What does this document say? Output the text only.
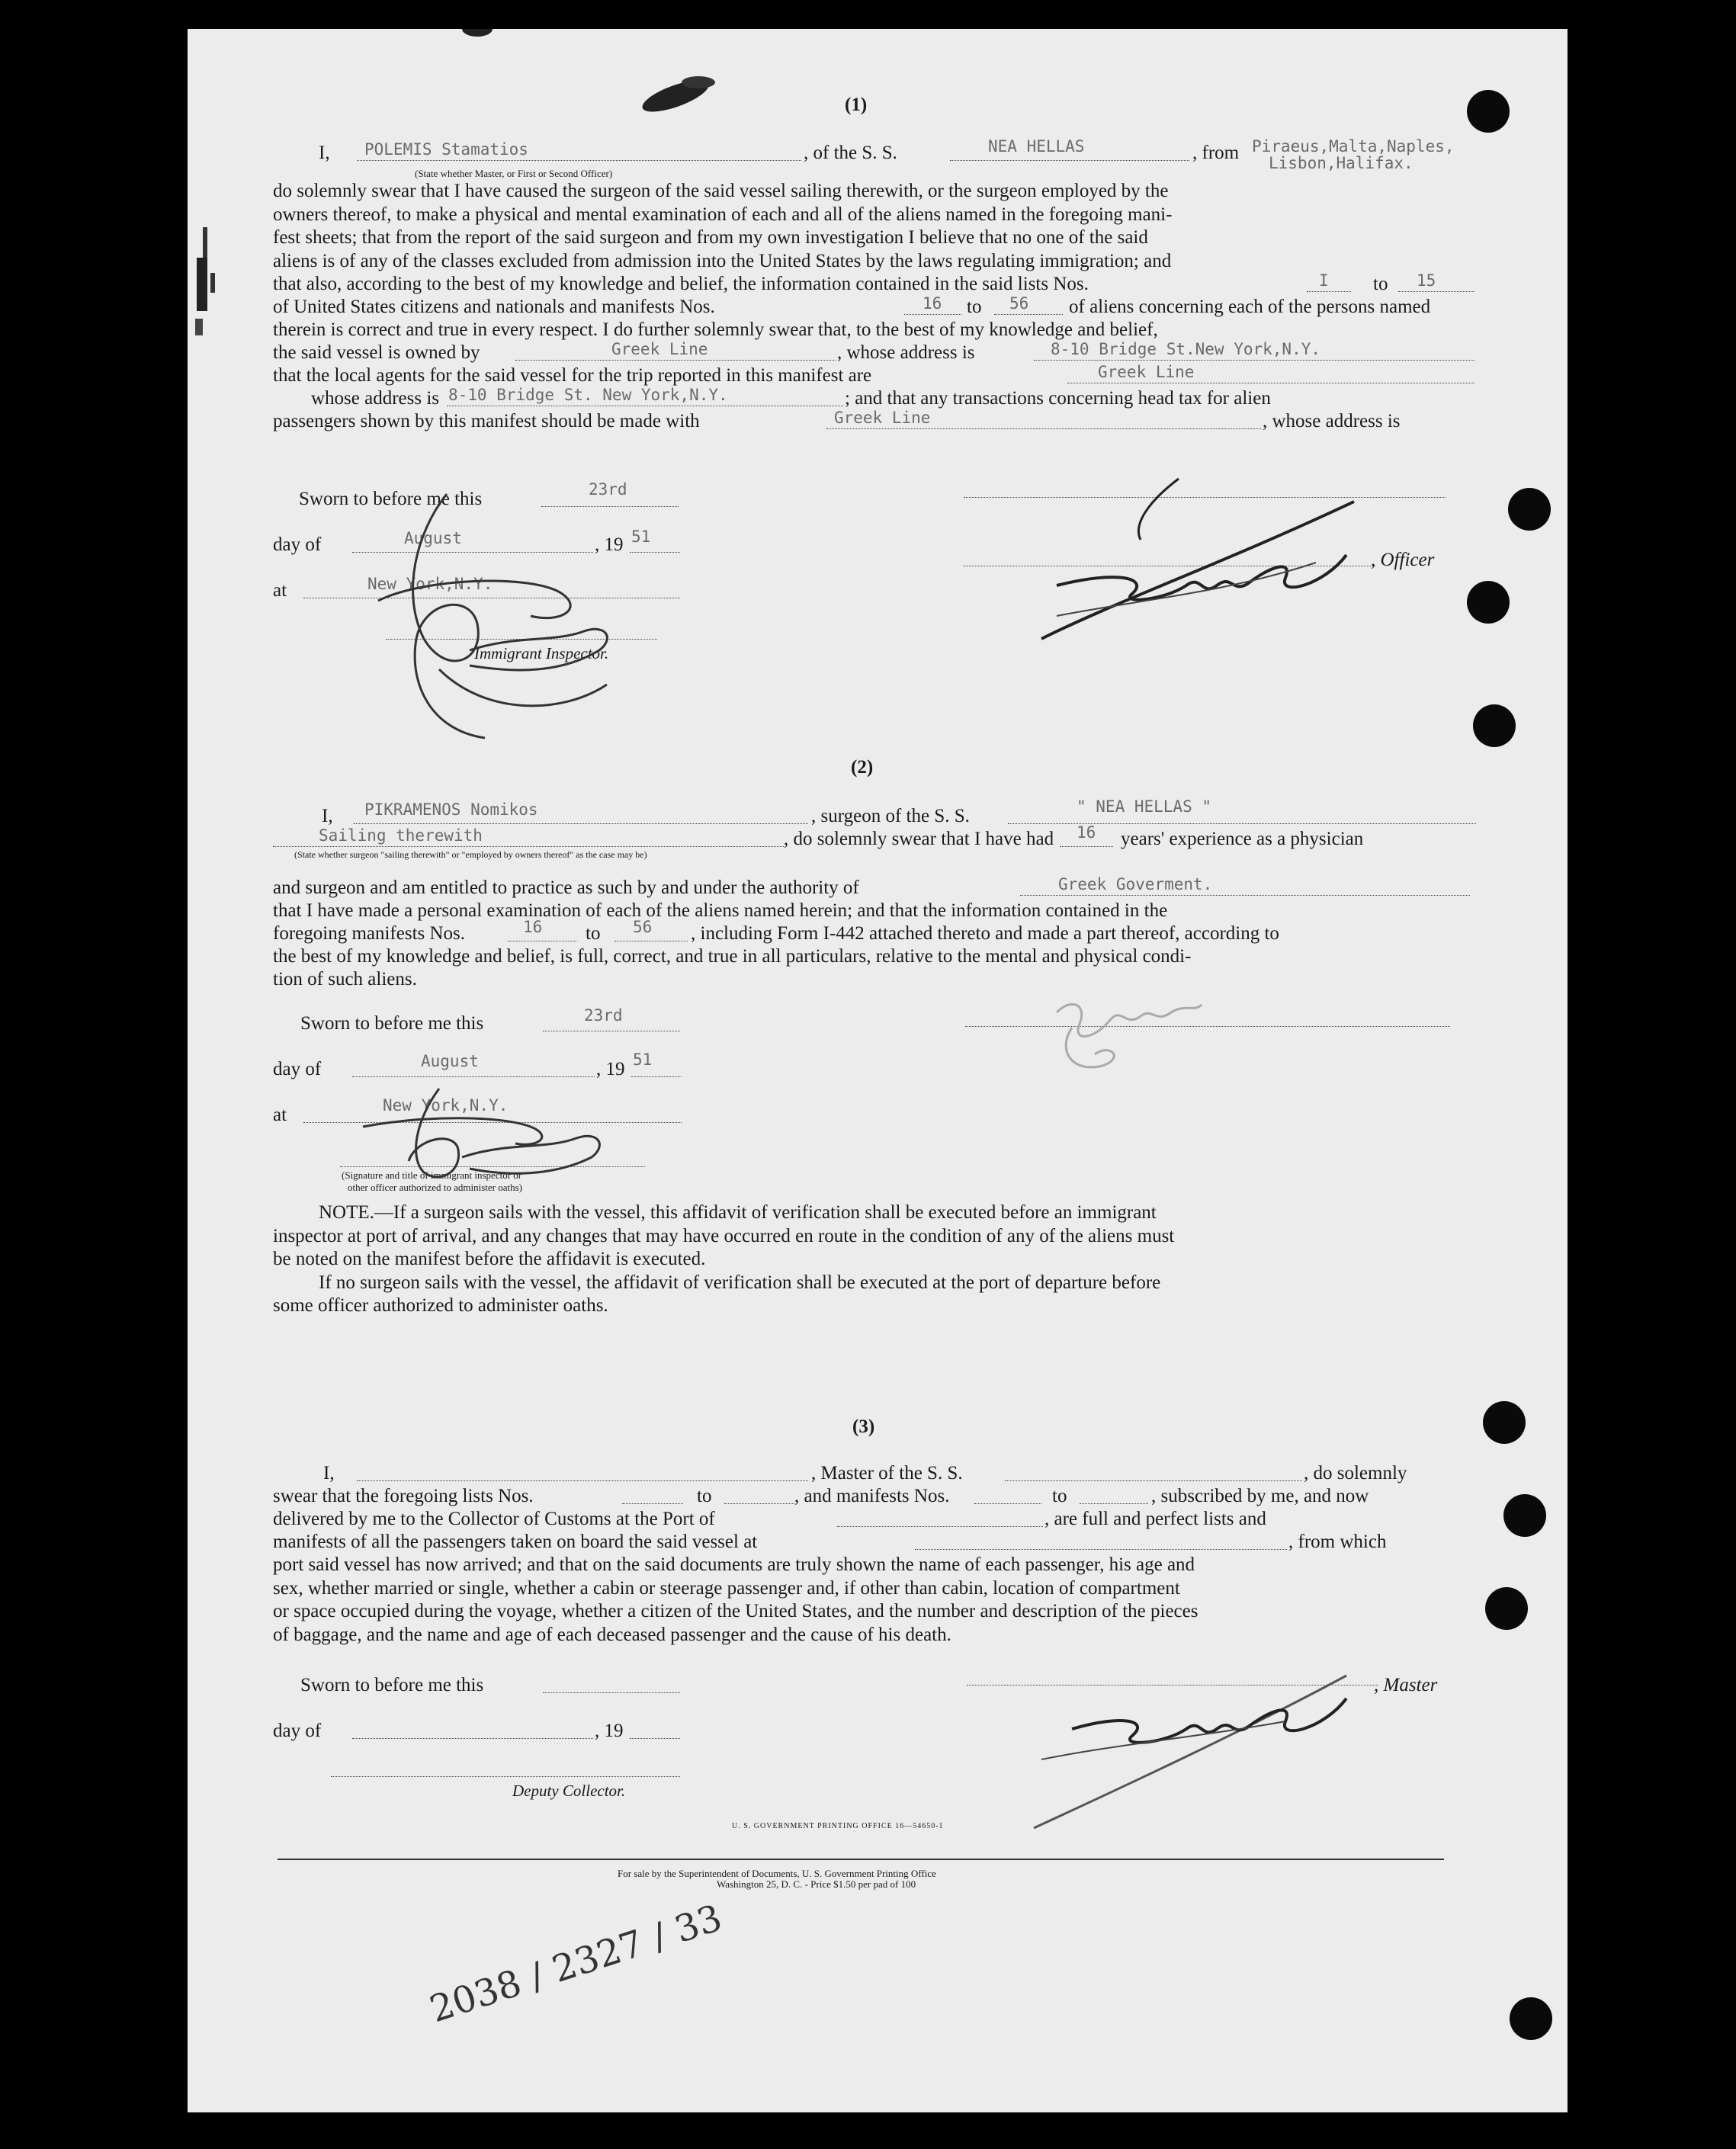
(1)
I, POLEMIS Stamatios
(State whether Master, or First or Second Officer)
, of the S. S.	NEA HELLAS	, from Piraeus,Malta,Naples,
Lisbon,Halifax.
do solemnly swear that I have caused the surgeon of the said vessel sailing therewith, or the surgeon employed by the
owners thereof, to make a physical and mental examination of each and all of the aliens named in the foregoing mani-
fest sheets; that from the report of the said surgeon and from my own investigation I believe that no one of the said
aliens is of any of the classes excluded from admission into the United States by the laws regulating immigration; and
that also, according to the best of my knowledge and belief, the information contained in the said lists Nos.	I to 15
of United States citizens and nationals and manifests Nos.	16 to 56 of aliens concerning each of the persons named
therein is correct and true in every respect. I do further solemnly swear that, to the best of my knowledge and belief,
the said vessel is owned by	Greek Line	, whose address is	8-10 Bridge St.New York,N.Y.
that the local agents for the said vessel for the trip reported in this manifest are	Greek Line
whose address is 8-10 Bridge St. New York,N.Y.	; and that any transactions concerning head tax for alien
passengers shown by this manifest should be made with	Greek Line	, whose address is
Sworn to before me this	23rd
day of	August	, 19 51
at	New York,N.Y.
Immigrant Inspector.
, Officer
(2)
I, PIKRAMENOS Nomikos	, surgeon of the S. S.	" NEA HELLAS "
Sailing therewith
(State whether surgeon "sailing therewith" or "employed by owners thereof" as the case may be)
, do solemnly swear that I have had 16 years' experience as a physician
and surgeon and am entitled to practice as such by and under the authority of	Greek Goverment.
that I have made a personal examination of each of the aliens named herein; and that the information contained in the
foregoing manifests Nos.	16 to 56 , including Form I-442 attached thereto and made a part thereof, according to
the best of my knowledge and belief, is full, correct, and true in all particulars, relative to the mental and physical condi-
tion of such aliens.
Sworn to before me this	23rd
day of	August	, 19 51
at	New York,N.Y.
(Signature and title of immigrant inspector or
other officer authorized to administer oaths)
NOTE.—If a surgeon sails with the vessel, this affidavit of verification shall be executed before an immigrant
inspector at port of arrival, and any changes that may have occurred en route in the condition of any of the aliens must
be noted on the manifest before the affidavit is executed.
If no surgeon sails with the vessel, the affidavit of verification shall be executed at the port of departure before
some officer authorized to administer oaths.
(3)
I,	, Master of the S. S.	, do solemnly
swear that the foregoing lists Nos.	to	, and manifests Nos.	to	, subscribed by me, and now
delivered by me to the Collector of Customs at the Port of	, are full and perfect lists and
manifests of all the passengers taken on board the said vessel at	, from which
port said vessel has now arrived; and that on the said documents are truly shown the name of each passenger, his age and
sex, whether married or single, whether a cabin or steerage passenger and, if other than cabin, location of compartment
or space occupied during the voyage, whether a citizen of the United States, and the number and description of the pieces
of baggage, and the name and age of each deceased passenger and the cause of his death.
Sworn to before me this	, Master
day of	, 19
Deputy Collector.
U. S. GOVERNMENT PRINTING OFFICE 16—54650-1
For sale by the Superintendent of Documents, U. S. Government Printing Office
Washington 25, D. C. - Price $1.50 per pad of 100
2038 / 2327 / 33
